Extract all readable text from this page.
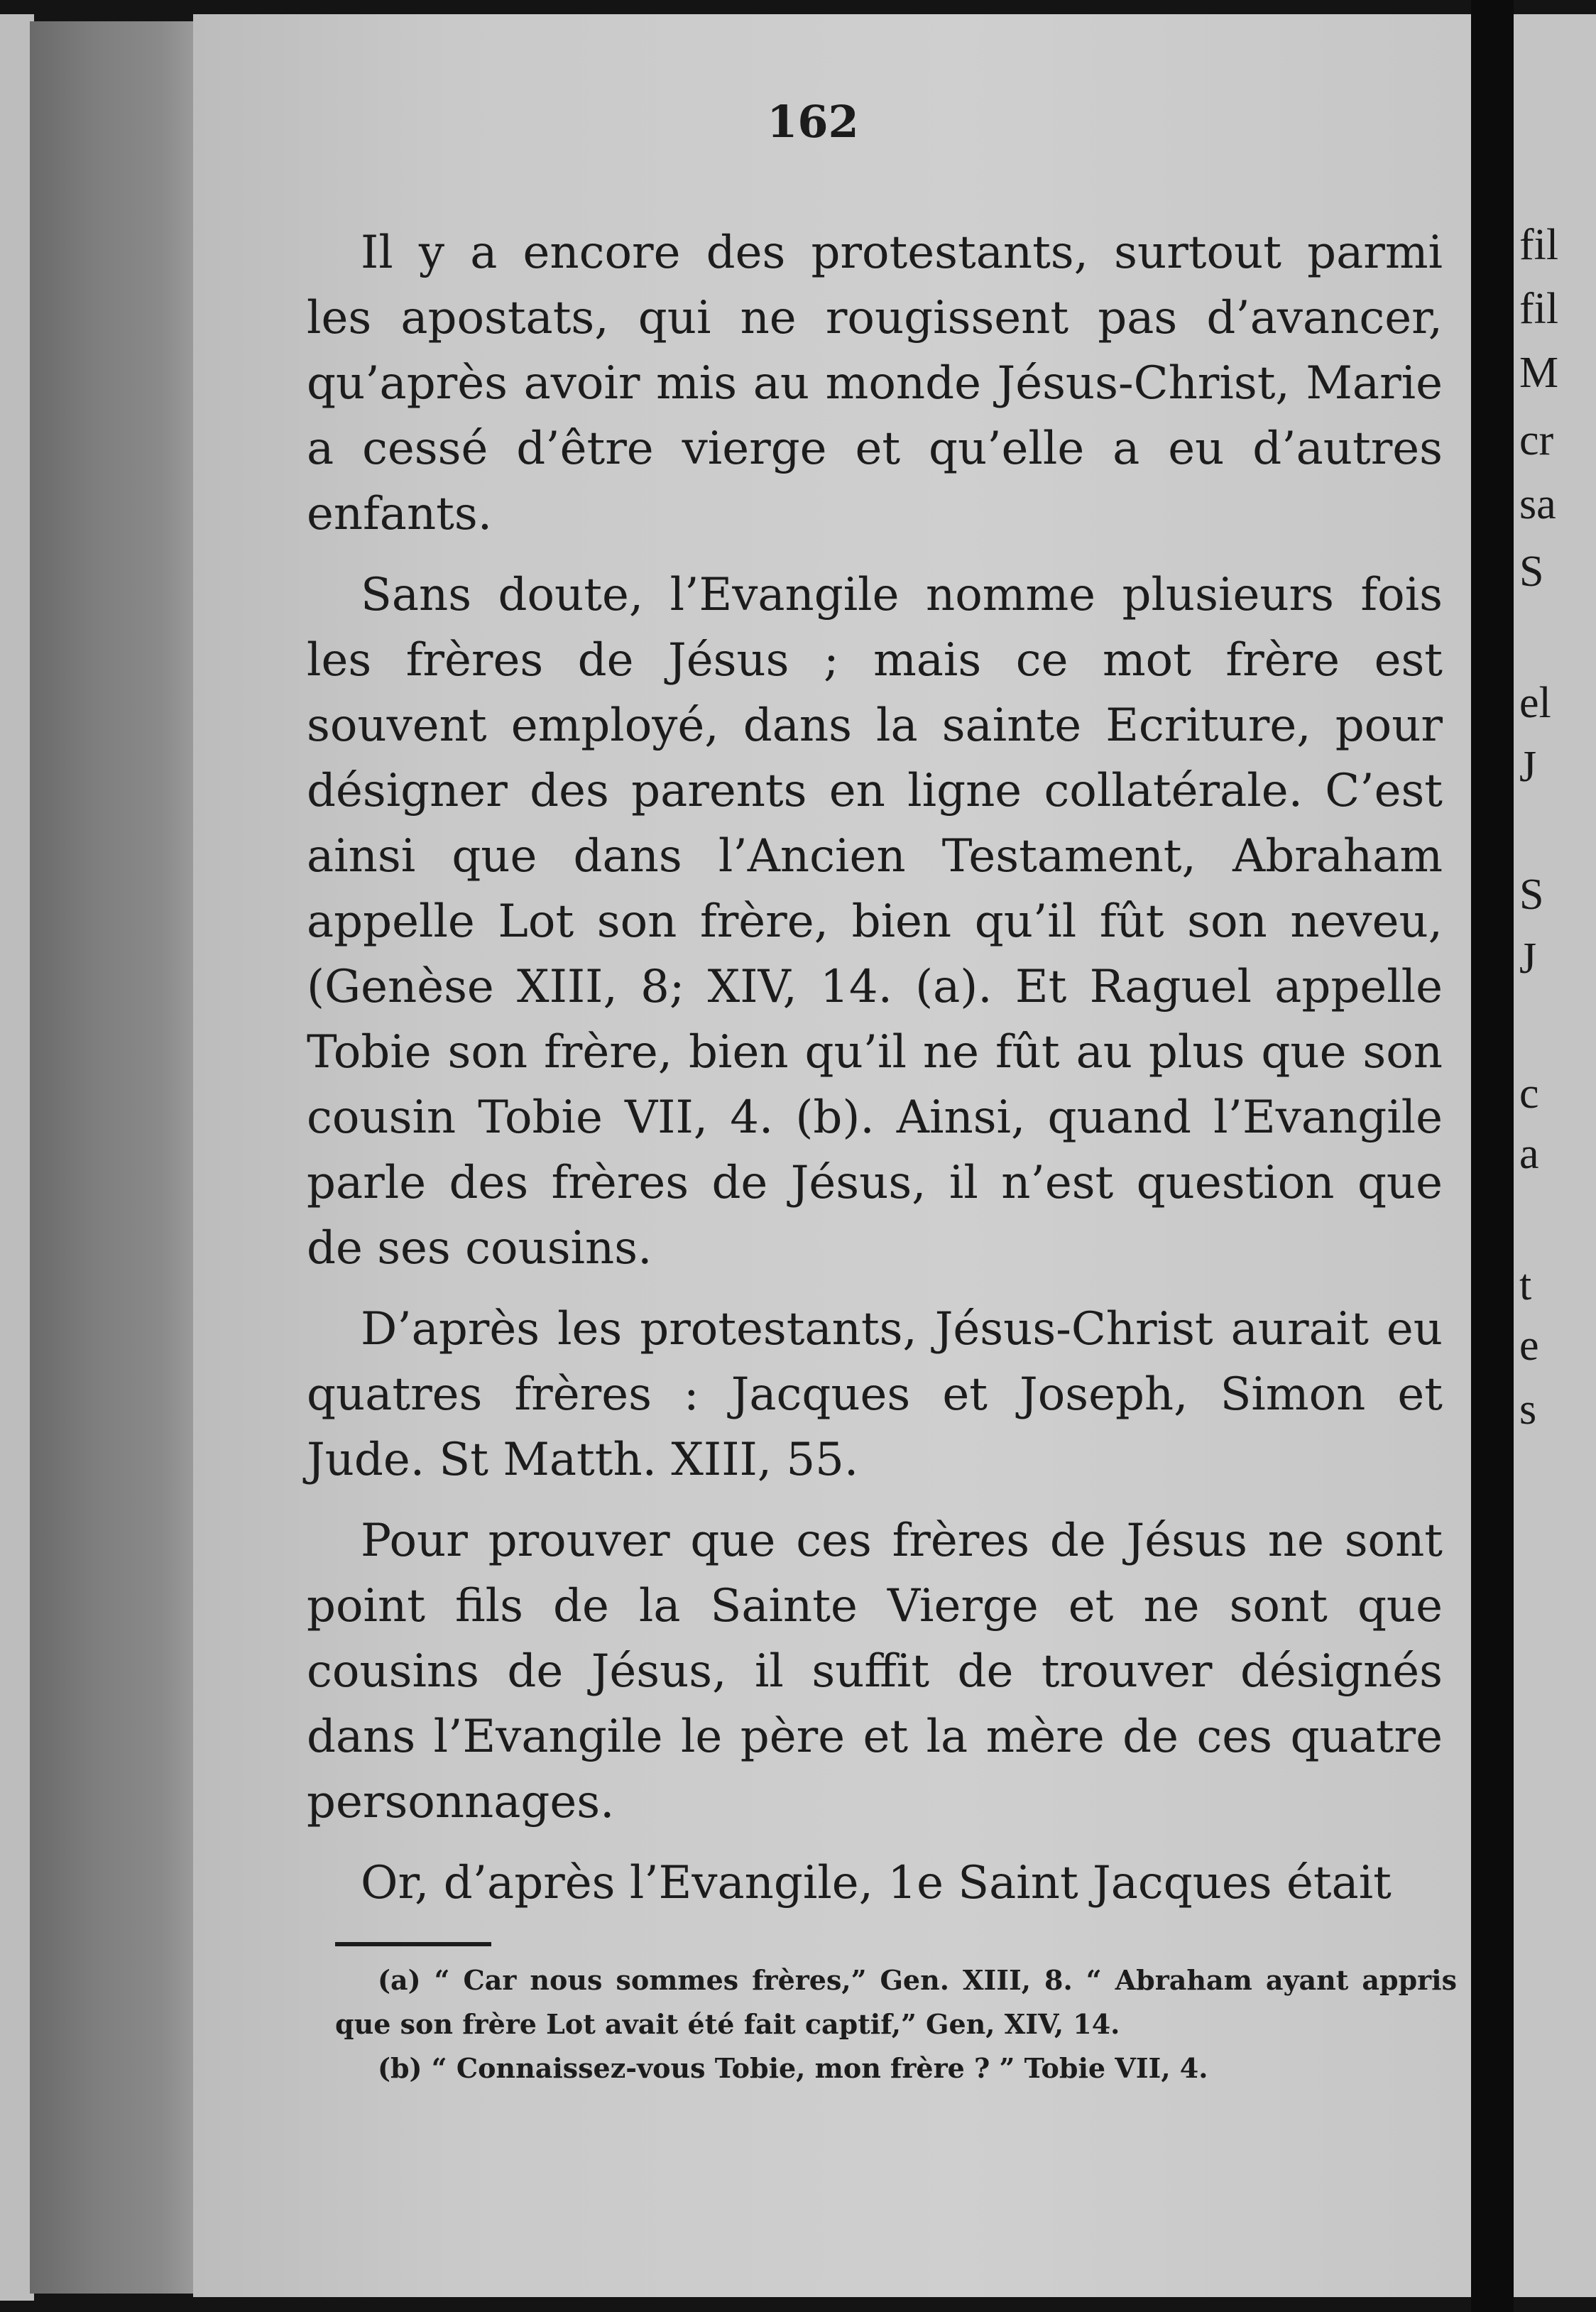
fil
fil
M
cr
sa
S
el
J
S
J
c
a
t
e
s
162

Il y a encore des protestants, surtout parmi les apostats, qui ne rougissent pas d’avancer, qu’après avoir mis au monde Jésus-Christ, Marie a cessé d’être vierge et qu’elle a eu d’autres enfants.

Sans doute, l’Evangile nomme plusieurs fois les frères de Jésus ; mais ce mot frère est souvent employé, dans la sainte Ecriture, pour désigner des parents en ligne collatérale. C’est ainsi que dans l’Ancien Testament, Abraham appelle Lot son frère, bien qu’il fût son neveu, (Genèse XIII, 8; XIV, 14. (a). Et Raguel appelle Tobie son frère, bien qu’il ne fût au plus que son cousin Tobie VII, 4. (b). Ainsi, quand l’Evangile parle des frères de Jésus, il n’est question que de ses cousins.

D’après les protestants, Jésus-Christ aurait eu quatres frères : Jacques et Joseph, Simon et Jude. St Matth. XIII, 55.

Pour prouver que ces frères de Jésus ne sont point fils de la Sainte Vierge et ne sont que cousins de Jésus, il suffit de trouver désignés dans l’Evangile le père et la mère de ces quatre personnages.

Or, d’après l’Evangile, 1e Saint Jacques était

(a) “ Car nous sommes frères,” Gen. XIII, 8. “ Abraham ayant appris que son frère Lot avait été fait captif,” Gen, XIV, 14.

(b) “ Connaissez-vous Tobie, mon frère ? ” Tobie VII, 4.
